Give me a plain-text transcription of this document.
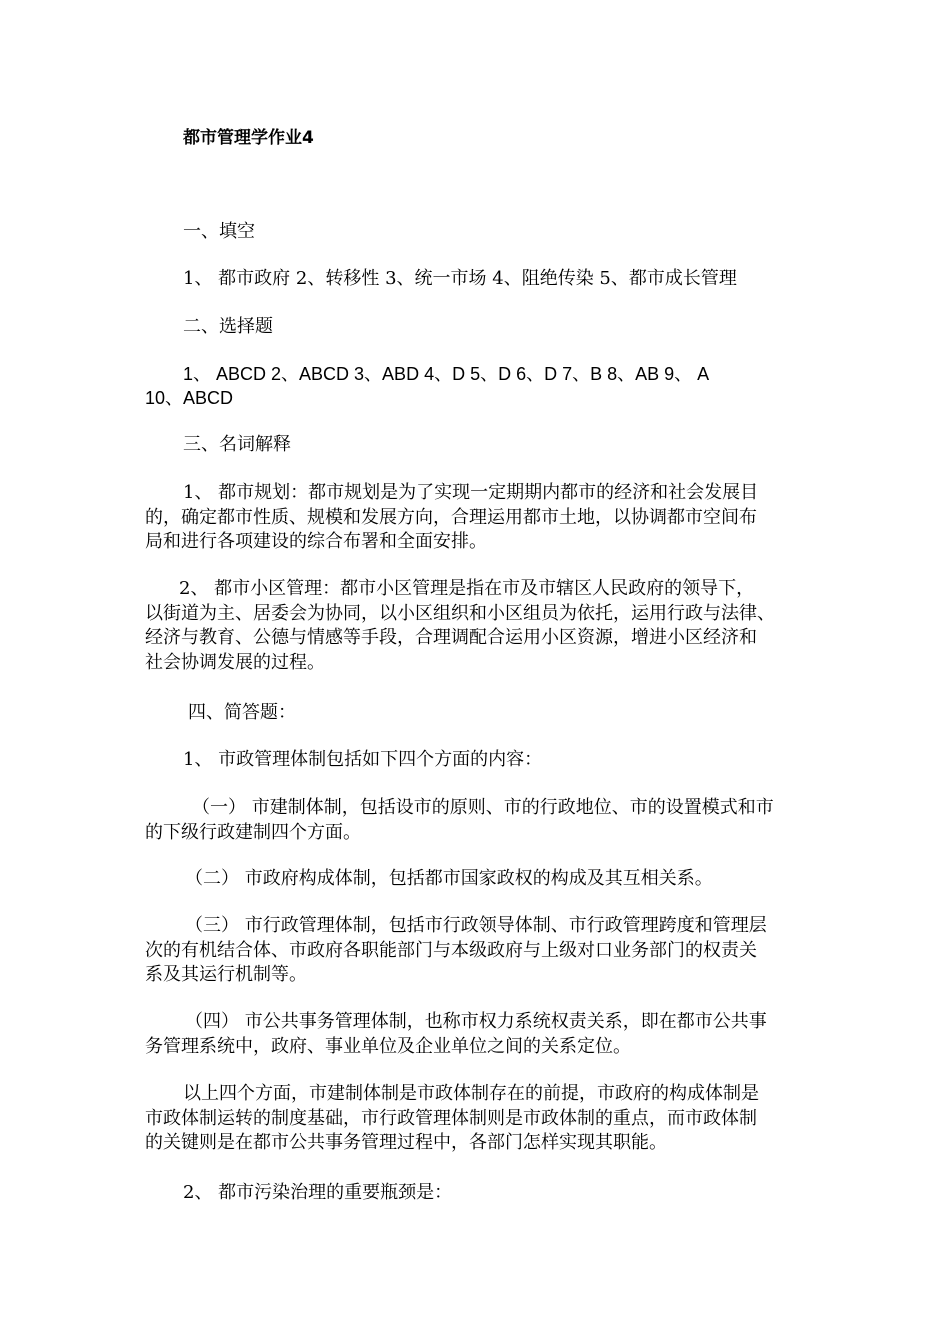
都市管理学作业4

一、填空

1、 都市政府 2、转移性 3、统一市场 4、阻绝传染 5、都市成长管理

二、选择题

1、 ABCD 2、ABCD 3、ABD 4、D 5、D 6、D 7、B 8、AB 9、 A

10、ABCD

三、名词解释

1、 都市规划：都市规划是为了实现一定期期内都市的经济和社会发展目
的，确定都市性质、规模和发展方向，合理运用都市土地，以协调都市空间布
局和进行各项建设的综合布署和全面安排。
2、 都市小区管理：都市小区管理是指在市及市辖区人民政府的领导下，
以街道为主、居委会为协同，以小区组织和小区组员为依托，运用行政与法律、
经济与教育、公德与情感等手段，合理调配合运用小区资源，增进小区经济和
社会协调发展的过程。

四、简答题：

1、 市政管理体制包括如下四个方面的内容：

（一） 市建制体制，包括设市的原则、市的行政地位、市的设置模式和市
的下级行政建制四个方面。
（二） 市政府构成体制，包括都市国家政权的构成及其互相关系。
（三） 市行政管理体制，包括市行政领导体制、市行政管理跨度和管理层
次的有机结合体、市政府各职能部门与本级政府与上级对口业务部门的权责关
系及其运行机制等。
（四） 市公共事务管理体制，也称市权力系统权责关系，即在都市公共事
务管理系统中，政府、事业单位及企业单位之间的关系定位。
以上四个方面，市建制体制是市政体制存在的前提，市政府的构成体制是
市政体制运转的制度基础，市行政管理体制则是市政体制的重点，而市政体制
的关键则是在都市公共事务管理过程中，各部门怎样实现其职能。

2、 都市污染治理的重要瓶颈是：
